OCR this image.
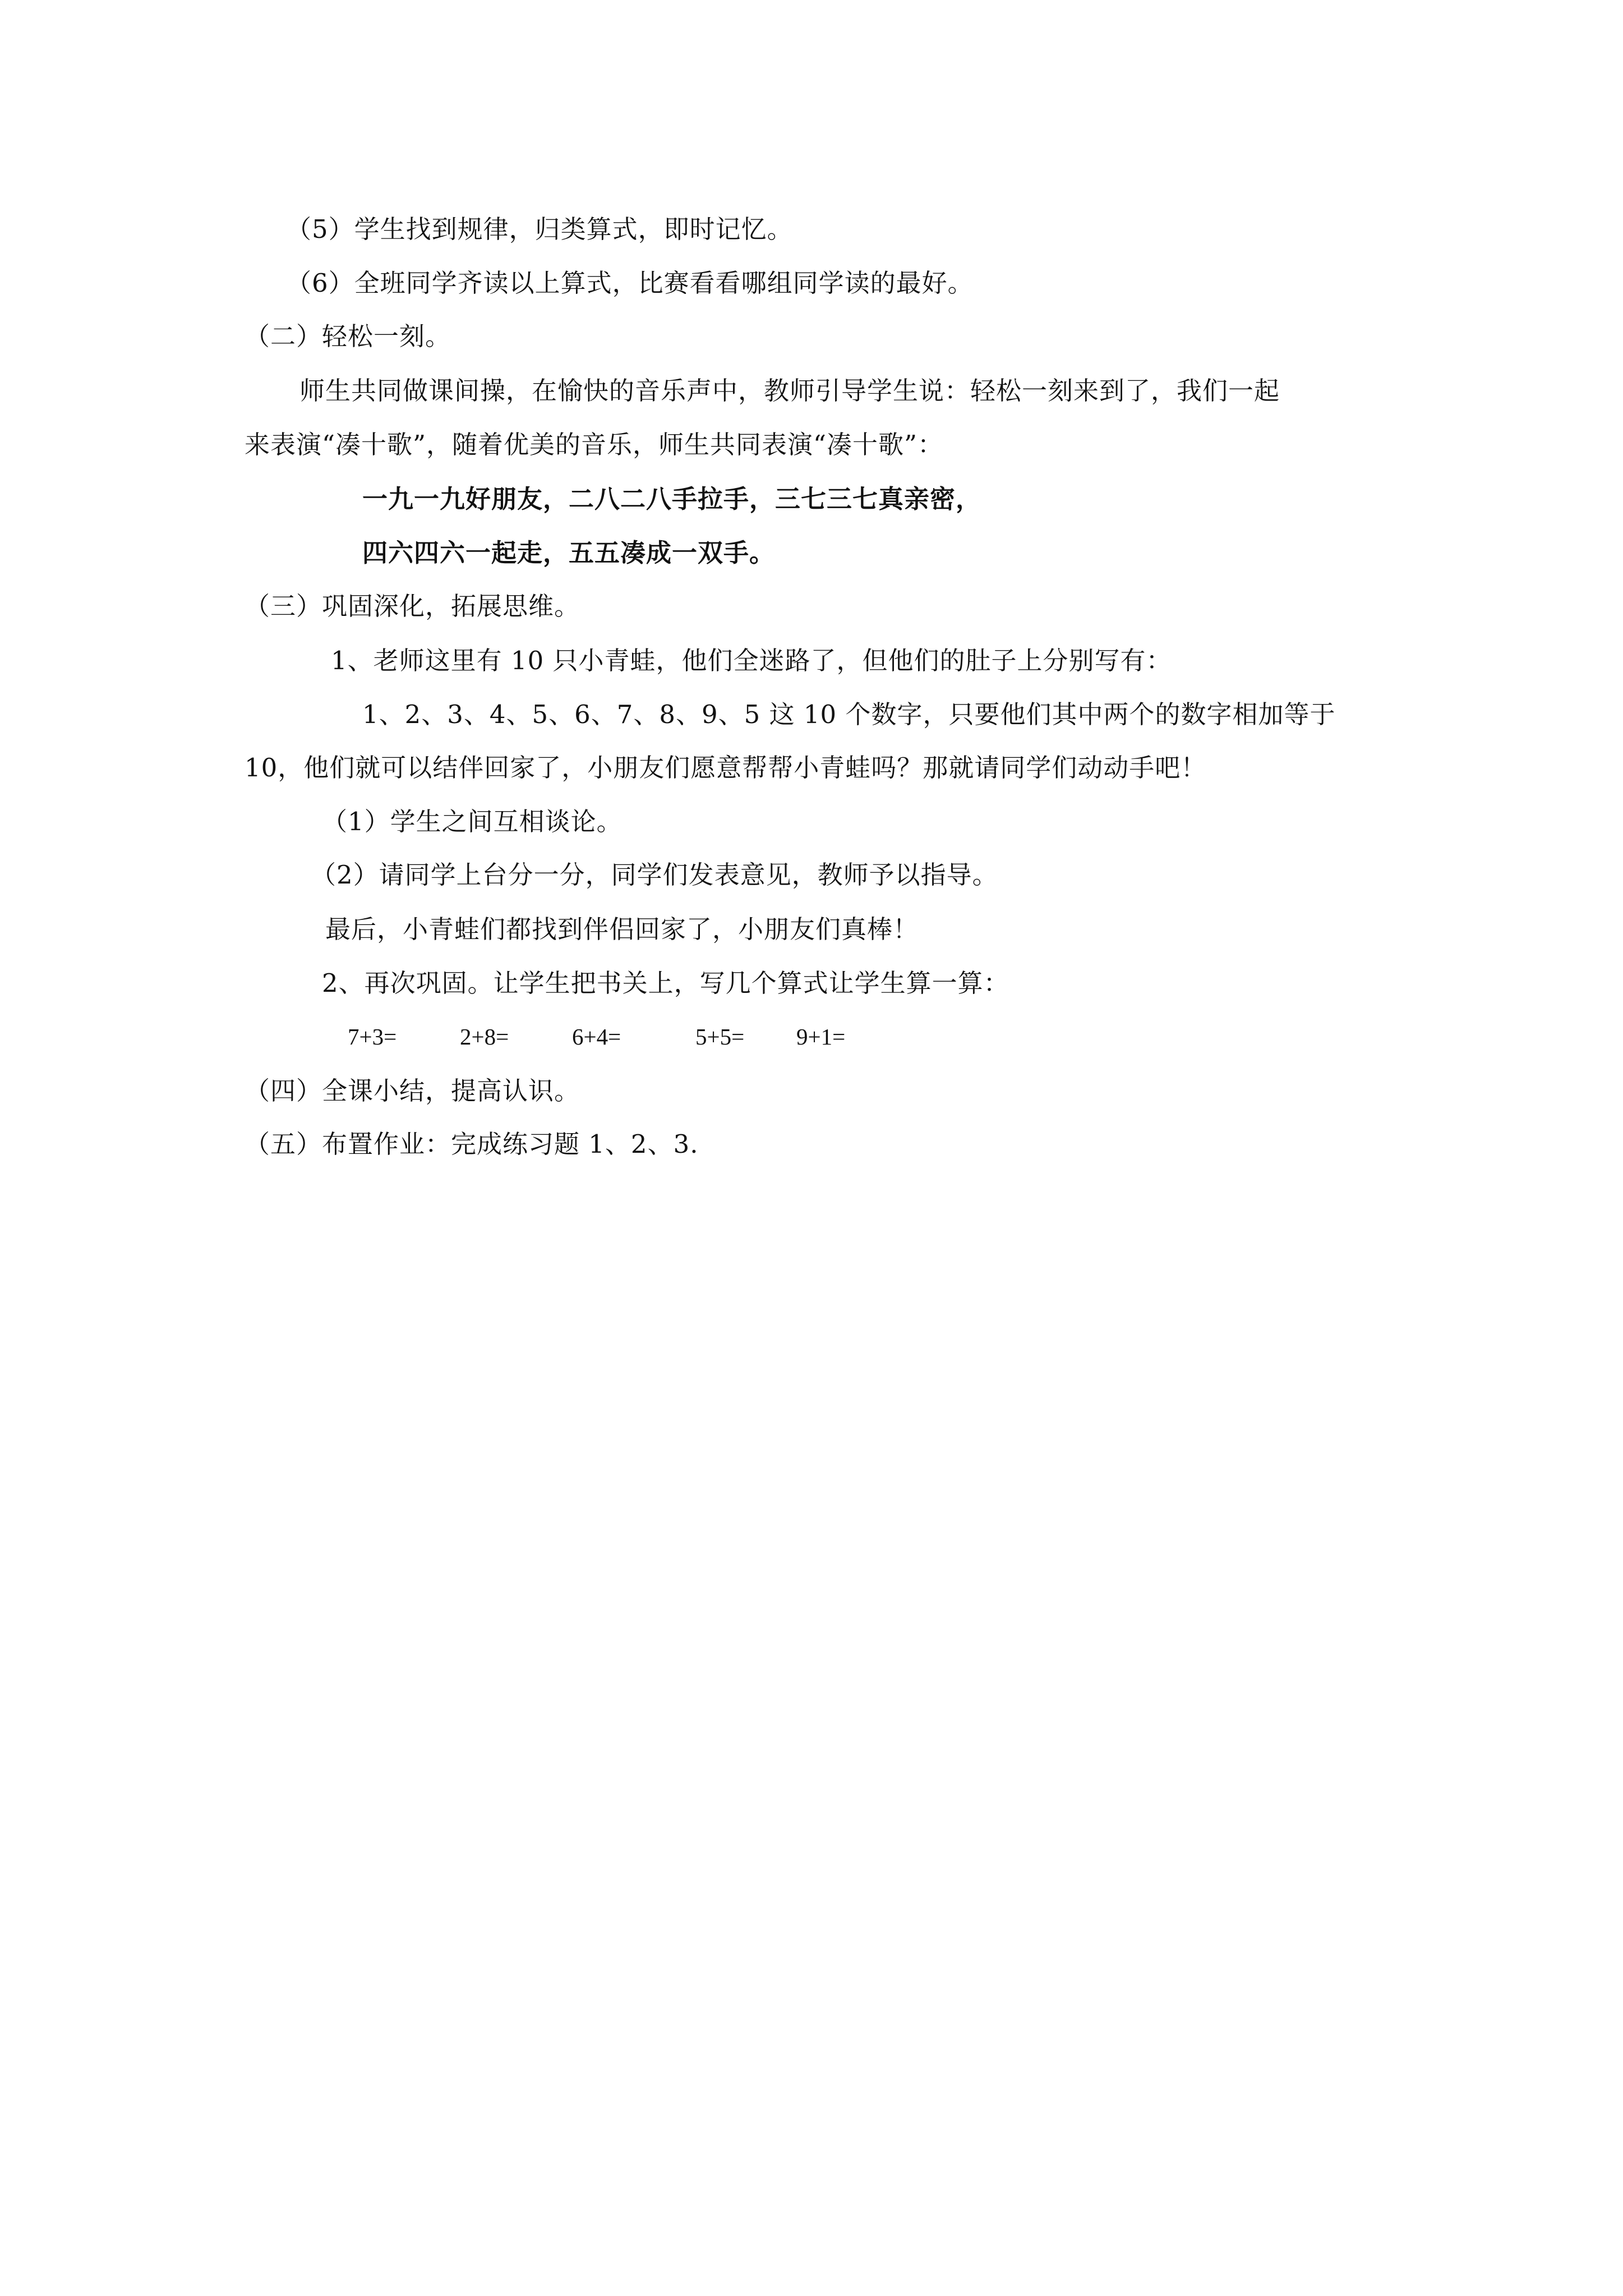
（5）学生找到规律，归类算式，即时记忆。
（6）全班同学齐读以上算式，比赛看看哪组同学读的最好。
（二）轻松一刻。
师生共同做课间操，在愉快的音乐声中，教师引导学生说：轻松一刻来到了，我们一起
来表演“凑十歌”，随着优美的音乐，师生共同表演“凑十歌”：
一九一九好朋友，二八二八手拉手，三七三七真亲密，
四六四六一起走，五五凑成一双手。
（三）巩固深化，拓展思维。
1、老师这里有 10 只小青蛙，他们全迷路了，但他们的肚子上分别写有：
1、2、3、4、5、6、7、8、9、5 这 10 个数字，只要他们其中两个的数字相加等于
10，他们就可以结伴回家了，小朋友们愿意帮帮小青蛙吗？那就请同学们动动手吧！
（1）学生之间互相谈论。
（2）请同学上台分一分，同学们发表意见，教师予以指导。
最后，小青蛙们都找到伴侣回家了，小朋友们真棒！
2、再次巩固。让学生把书关上，写几个算式让学生算一算：
7+3=	2+8=	6+4=	5+5= 9+1=
（四）全课小结，提高认识。
（五）布置作业：完成练习题 1、2、3.
